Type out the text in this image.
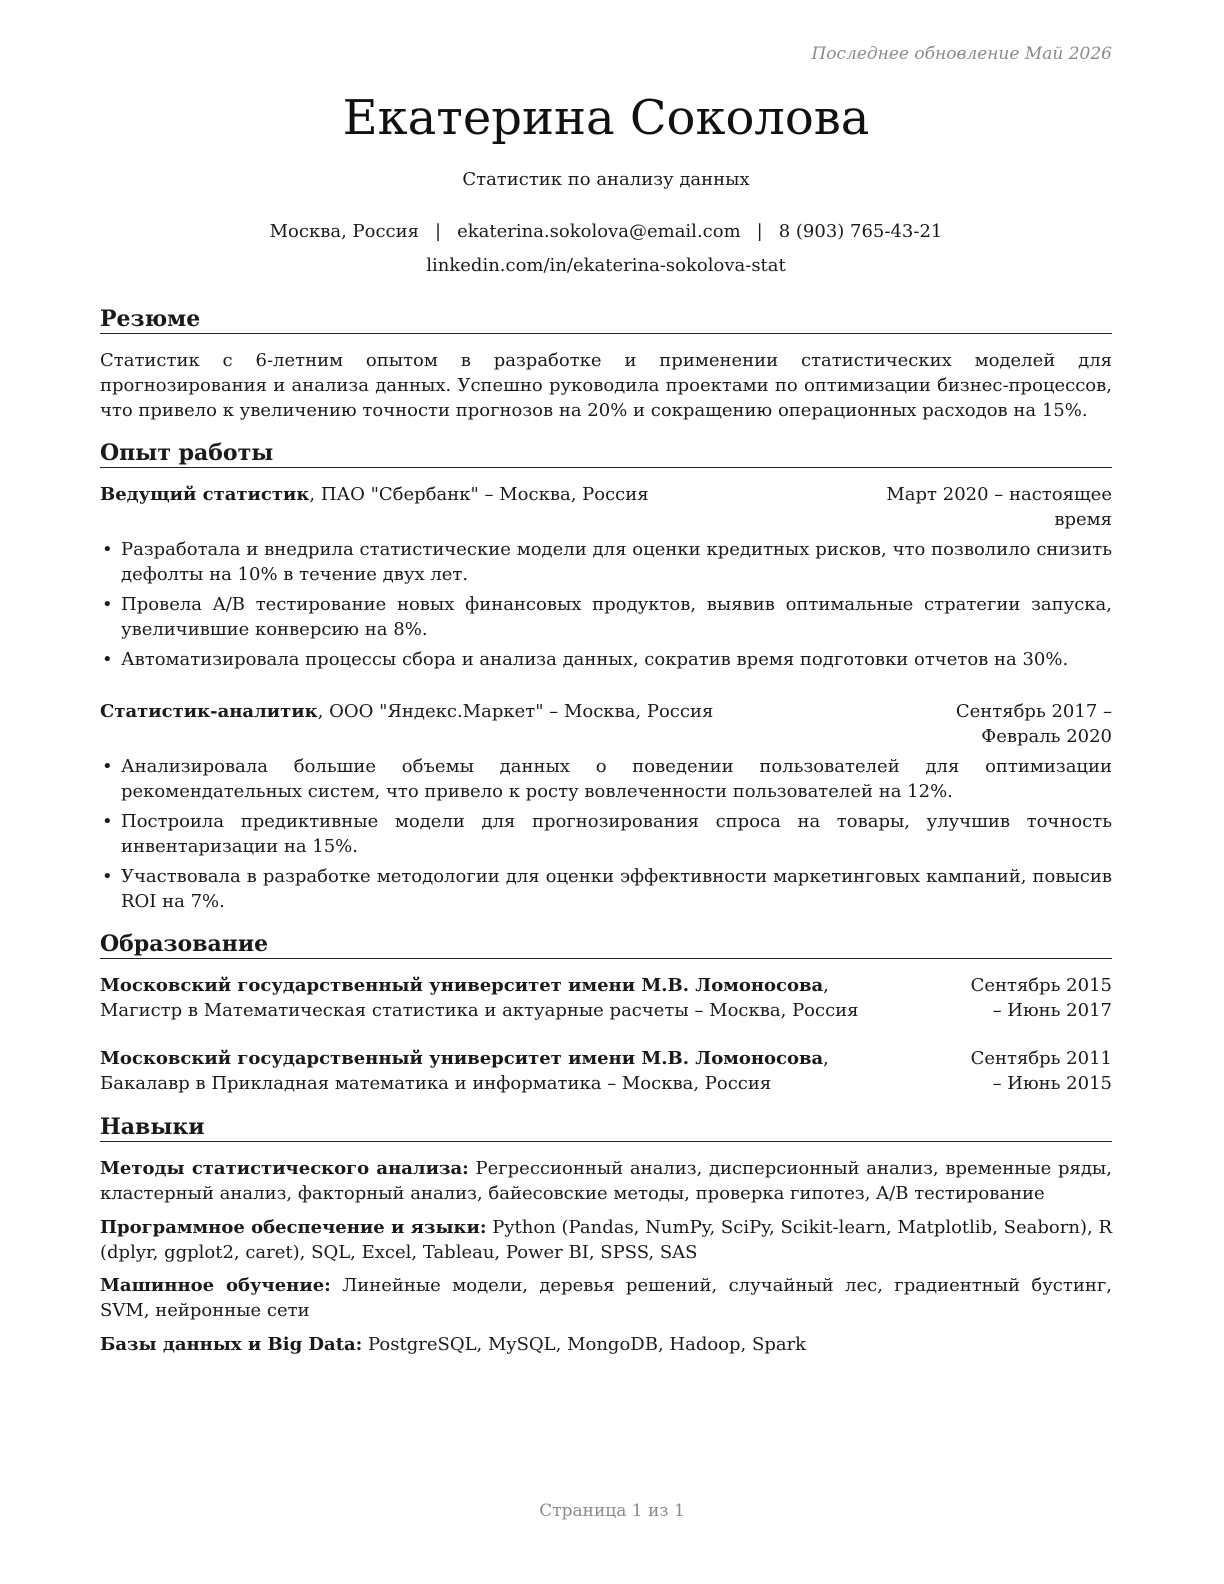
Последнее обновление Май 2026
Екатерина Соколова
Статистик по анализу данных
Москва, Россия | ekaterina.sokolova@email.com | 8 (903) 765-43-21
linkedin.com/in/ekaterina-sokolova-stat
Резюме
Статистик с 6-летним опытом в разработке и применении статистических моделей для прогнозирования и анализа данных. Успешно руководила проектами по оптимизации бизнес-процессов, что привело к увеличению точности прогнозов на 20% и сокращению операционных расходов на 15%.
Опыт работы
Ведущий статистик, ПАО "Сбербанк" – Москва, Россия	Март 2020 – настоящее время
• Разработала и внедрила статистические модели для оценки кредитных рисков, что позволило снизить дефолты на 10% в течение двух лет.
• Провела A/B тестирование новых финансовых продуктов, выявив оптимальные стратегии запуска, увеличившие конверсию на 8%.
• Автоматизировала процессы сбора и анализа данных, сократив время подготовки отчетов на 30%.
Статистик-аналитик, ООО "Яндекс.Маркет" – Москва, Россия	Сентябрь 2017 – Февраль 2020
• Анализировала большие объемы данных о поведении пользователей для оптимизации рекомендательных систем, что привело к росту вовлеченности пользователей на 12%.
• Построила предиктивные модели для прогнозирования спроса на товары, улучшив точность инвентаризации на 15%.
• Участвовала в разработке методологии для оценки эффективности маркетинговых кампаний, повысив ROI на 7%.
Образование
Московский государственный университет имени М.В. Ломоносова, Магистр в Математическая статистика и актуарные расчеты – Москва, Россия
Сентябрь 2015 – Июнь 2017
Московский государственный университет имени М.В. Ломоносова, Бакалавр в Прикладная математика и информатика – Москва, Россия
Сентябрь 2011 – Июнь 2015
Навыки
Методы статистического анализа: Регрессионный анализ, дисперсионный анализ, временные ряды, кластерный анализ, факторный анализ, байесовские методы, проверка гипотез, A/B тестирование
Программное обеспечение и языки: Python (Pandas, NumPy, SciPy, Scikit-learn, Matplotlib, Seaborn), R (dplyr, ggplot2, caret), SQL, Excel, Tableau, Power BI, SPSS, SAS
Машинное обучение: Линейные модели, деревья решений, случайный лес, градиентный бустинг, SVM, нейронные сети
Базы данных и Big Data: PostgreSQL, MySQL, MongoDB, Hadoop, Spark
Страница 1 из 1
